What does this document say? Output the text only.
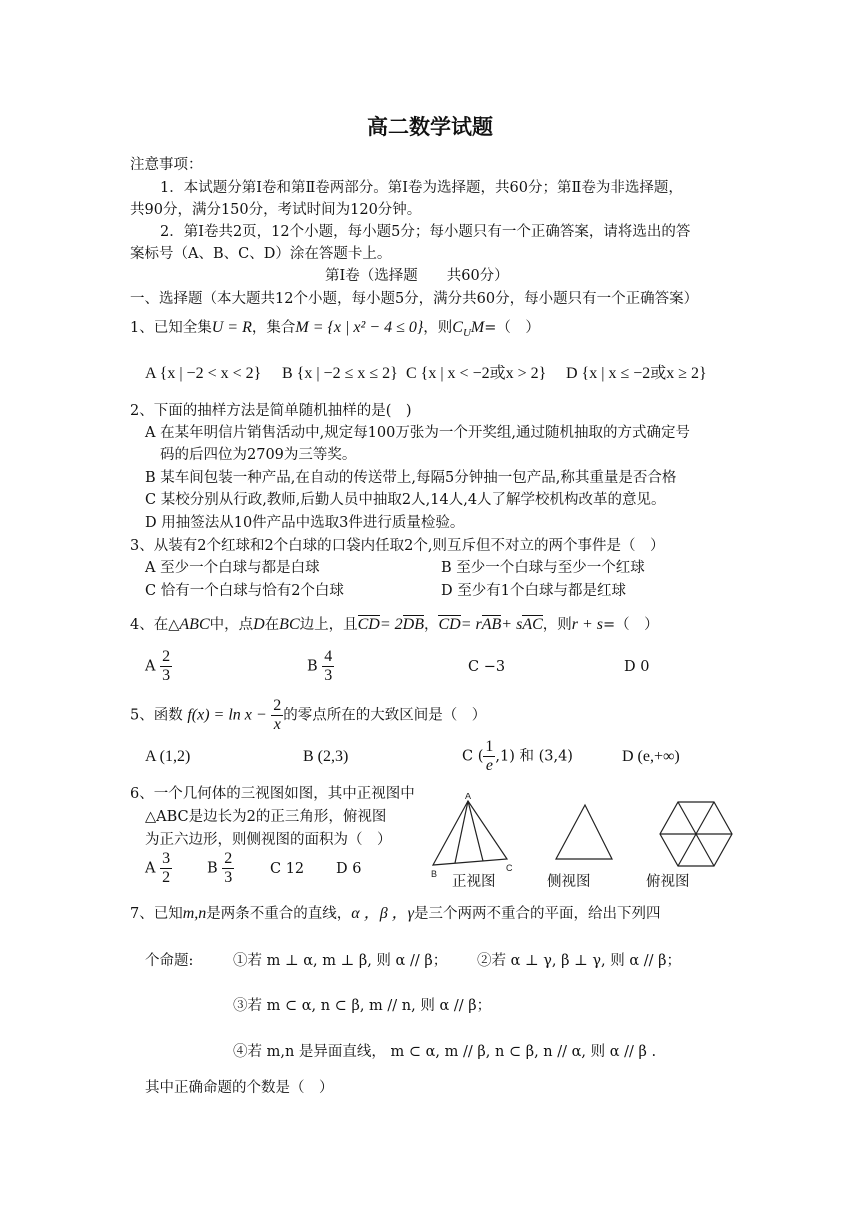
高二数学试题
注意事项：
1．本试题分第Ⅰ卷和第Ⅱ卷两部分。第Ⅰ卷为选择题，共60分；第Ⅱ卷为非选择题，
共90分，满分150分，考试时间为120分钟。
2．第Ⅰ卷共2页，12个小题，每小题5分；每小题只有一个正确答案，请将选出的答
案标号（A、B、C、D）涂在答题卡上。
第Ⅰ卷（选择题　　共60分）
一、选择题（本大题共12个小题，每小题5分，满分共60分，每小题只有一个正确答案）
1、已知全集U = R，集合M = {x | x² − 4 ≤ 0}，则$C_UM=$（　）
A {x | −2 < x < 2} B {x | −2 ≤ x ≤ 2} C {x | x < −2或x > 2} D {x | x ≤ −2或x ≥ 2}
2、下面的抽样方法是简单随机抽样的是(　)
A 在某年明信片销售活动中,规定每100万张为一个开奖组,通过随机抽取的方式确定号
码的后四位为2709为三等奖。
B 某车间包装一种产品,在自动的传送带上,每隔5分钟抽一包产品,称其重量是否合格
C 某校分别从行政,教师,后勤人员中抽取2人,14人,4人了解学校机构改革的意见。
D 用抽签法从10件产品中选取3件进行质量检验。
3、从装有2个红球和2个白球的口袋内任取2个,则互斥但不对立的两个事件是（　）
A 至少一个白球与都是白球	B 至少一个白球与至少一个红球
C 恰有一个白球与恰有2个白球	D 至少有1个白球与都是红球
4、在△ABC中，点D在BC边上，且CD= 2DB，CD= rAB+ sAC，则r + s=（　）
A $\frac{2}{3}$	B $\frac{4}{3}$	C −3	D 0
5、函数 $f(x) = \ln x - \frac{2}{x}$ 的零点所在的大致区间是（　）
A (1,2)	B (2,3)	C ( $\frac{1}{e} ,1$) 和 (3,4)	D (e,+∞)
6、一个几何体的三视图如图，其中正视图中
△ABC是边长为2的正三角形，俯视图
为正六边形，则侧视图的面积为（　）
A $\frac{3}{2}$ B $\frac{2}{3}$ C 12 D 6
A
B
C
正视图	侧视图	俯视图
7、已知m,n是两条不重合的直线，α ，β ，γ是三个两两不重合的平面，给出下列四
个命题:	①若 m ⊥ α, m ⊥ β, 则 α // β； ②若 α ⊥ γ, β ⊥ γ, 则 α // β；
③若 m ⊂ α, n ⊂ β, m // n, 则 α // β；
④若 m,n 是异面直线， m ⊂ α, m // β, n ⊂ β, n // α, 则 α // β .
其中正确命题的个数是（　）
